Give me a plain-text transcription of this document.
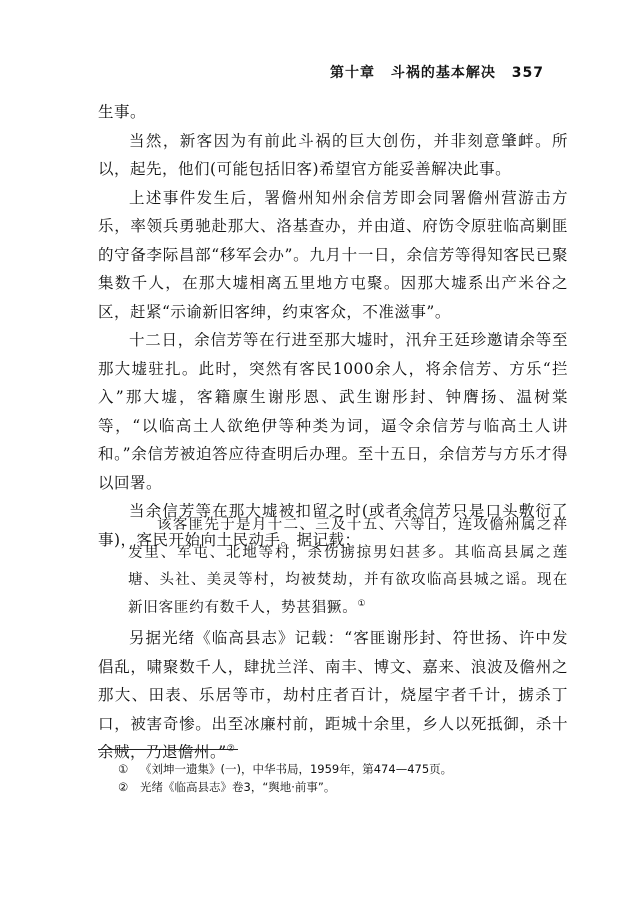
第十章 斗祸的基本解决 357

生事。

当然，新客因为有前此斗祸的巨大创伤，并非刻意肇衅。所以，起先，他们(可能包括旧客)希望官方能妥善解决此事。

上述事件发生后，署儋州知州余信芳即会同署儋州营游击方乐，率领兵勇驰赴那大、洛基查办，并由道、府饬令原驻临高剿匪的守备李际昌部“移军会办”。九月十一日，余信芳等得知客民已聚集数千人，在那大墟相离五里地方屯聚。因那大墟系出产米谷之区，赶紧“示谕新旧客绅，约束客众，不准滋事”。

十二日，余信芳等在行进至那大墟时，汛弁王廷珍邀请余等至那大墟驻扎。此时，突然有客民1000余人，将余信芳、方乐“拦入”那大墟，客籍廪生谢彤恩、武生谢彤封、钟膺扬、温树棠等，“以临高土人欲绝伊等种类为词，逼令余信芳与临高土人讲和。”余信芳被迫答应待查明后办理。至十五日，余信芳与方乐才得以回署。

当余信芳等在那大墟被扣留之时(或者余信芳只是口头敷衍了事)，客民开始向土民动手。据记载：

该客匪先于是月十二、三及十五、六等日，连攻儋州属之祥发里、军屯、北地等村，杀伤掳掠男妇甚多。其临高县属之莲塘、头社、美灵等村，均被焚劫，并有欲攻临高县城之谣。现在新旧客匪约有数千人，势甚猖獗。①

另据光绪《临高县志》记载：“客匪谢彤封、符世扬、许中发倡乱，啸聚数千人，肆扰兰洋、南丰、博文、嘉来、浪波及儋州之那大、田表、乐居等市，劫村庄者百计，烧屋宇者千计，掳杀丁口，被害奇惨。出至冰廉村前，距城十余里，乡人以死抵御，杀十余贼，乃退儋州。”②

① 《刘坤一遗集》(一)，中华书局，1959年，第474—475页。
② 光绪《临高县志》卷3，“舆地·前事”。
